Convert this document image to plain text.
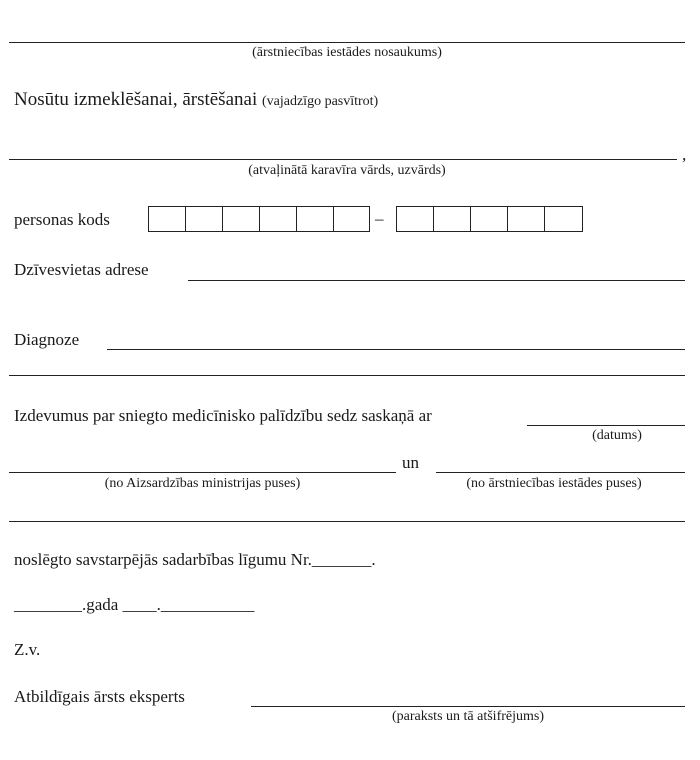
(ārstniecības iestādes nosaukums)
Nosūtu izmeklēšanai, ārstēšanai (vajadzīgo pasvītrot)
,
(atvaļinātā karavīra vārds, uzvārds)
personas kods	–
Dzīvesvietas adrese
Diagnoze
Izdevumus par sniegto medicīnisko palīdzību sedz saskaņā ar
(datums)
un
(no Aizsardzības ministrijas puses)	(no ārstniecības iestādes puses)
noslēgto savstarpējās sadarbības līgumu Nr._______.
________.gada ____.___________
Z.v.
Atbildīgais ārsts eksperts
(paraksts un tā atšifrējums)
